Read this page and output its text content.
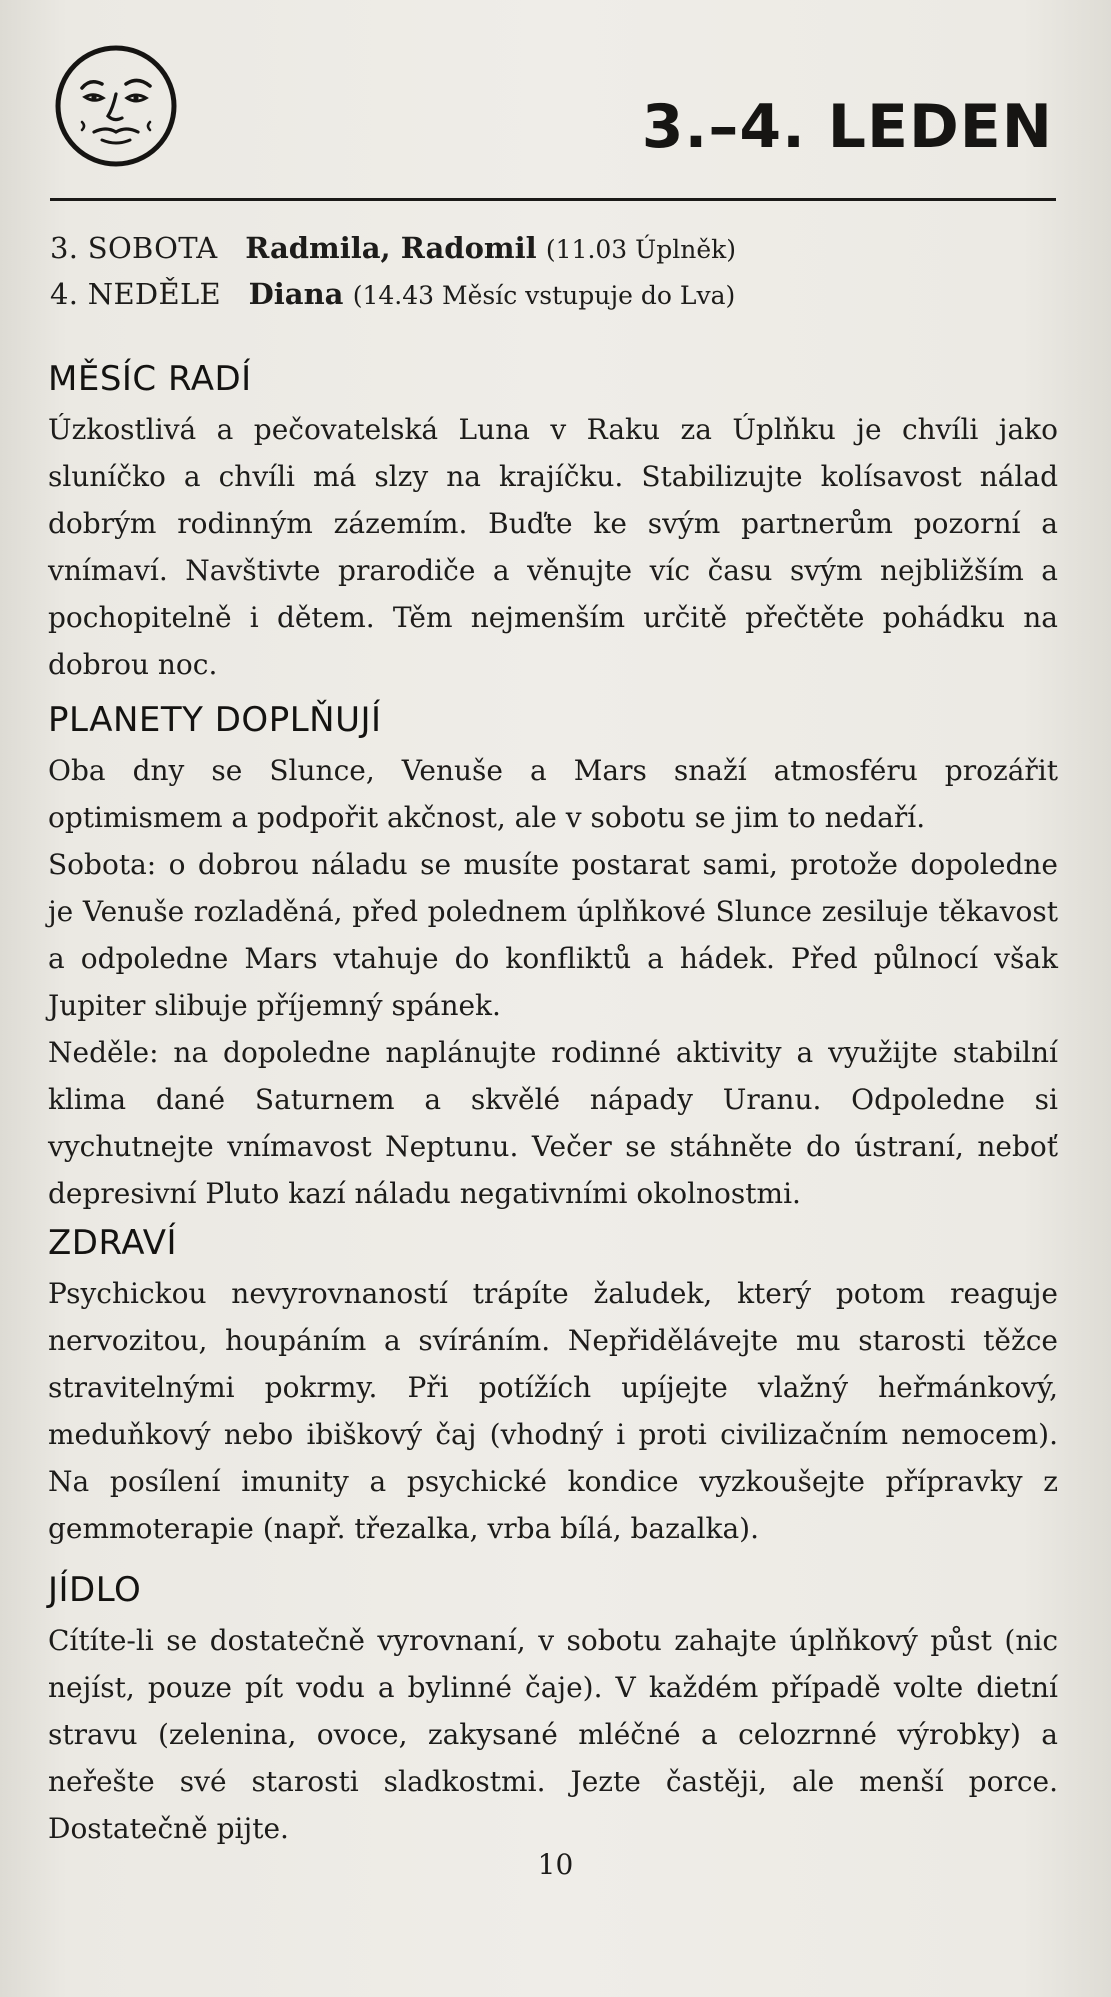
3.–4. LEDEN
3. SOBOTA Radmila, Radomil (11.03 Úplněk)
4. NEDĚLE Diana (14.43 Měsíc vstupuje do Lva)
MĚSÍC RADÍ

Úzkostlivá a pečovatelská Luna v Raku za Úplňku je chvíli jako sluníčko a chvíli má slzy na krajíčku. Stabilizujte kolísavost nálad dobrým rodinným zázemím. Buďte ke svým partnerům pozorní a vnímaví. Navštivte prarodiče a věnujte víc času svým nejbližším a pochopitelně i dětem. Těm nejmenším určitě přečtěte pohádku na dobrou noc.

PLANETY DOPLŇUJÍ

Oba dny se Slunce, Venuše a Mars snaží atmosféru prozářit optimismem a podpořit akčnost, ale v sobotu se jim to nedaří.

Sobota: o dobrou náladu se musíte postarat sami, protože dopoledne je Venuše rozladěná, před polednem úplňkové Slunce zesiluje těkavost a odpoledne Mars vtahuje do konfliktů a hádek. Před půlnocí však Jupiter slibuje příjemný spánek.

Neděle: na dopoledne naplánujte rodinné aktivity a využijte stabilní klima dané Saturnem a skvělé nápady Uranu. Odpoledne si vychutnejte vnímavost Neptunu. Večer se stáhněte do ústraní, neboť depresivní Pluto kazí náladu negativními okolnostmi.

ZDRAVÍ

Psychickou nevyrovnaností trápíte žaludek, který potom reaguje nervozitou, houpáním a svíráním. Nepřidělávejte mu starosti těžce stravitelnými pokrmy. Při potížích upíjejte vlažný heřmánkový, meduňkový nebo ibiškový čaj (vhodný i proti civilizačním nemocem). Na posílení imunity a psychické kondice vyzkoušejte přípravky z gemmoterapie (např. třezalka, vrba bílá, bazalka).

JÍDLO

Cítíte-li se dostatečně vyrovnaní, v sobotu zahajte úplňkový půst (nic nejíst, pouze pít vodu a bylinné čaje). V každém případě volte dietní stravu (zelenina, ovoce, zakysané mléčné a celozrnné výrobky) a neřešte své starosti sladkostmi. Jezte častěji, ale menší porce. Dostatečně pijte.

10
